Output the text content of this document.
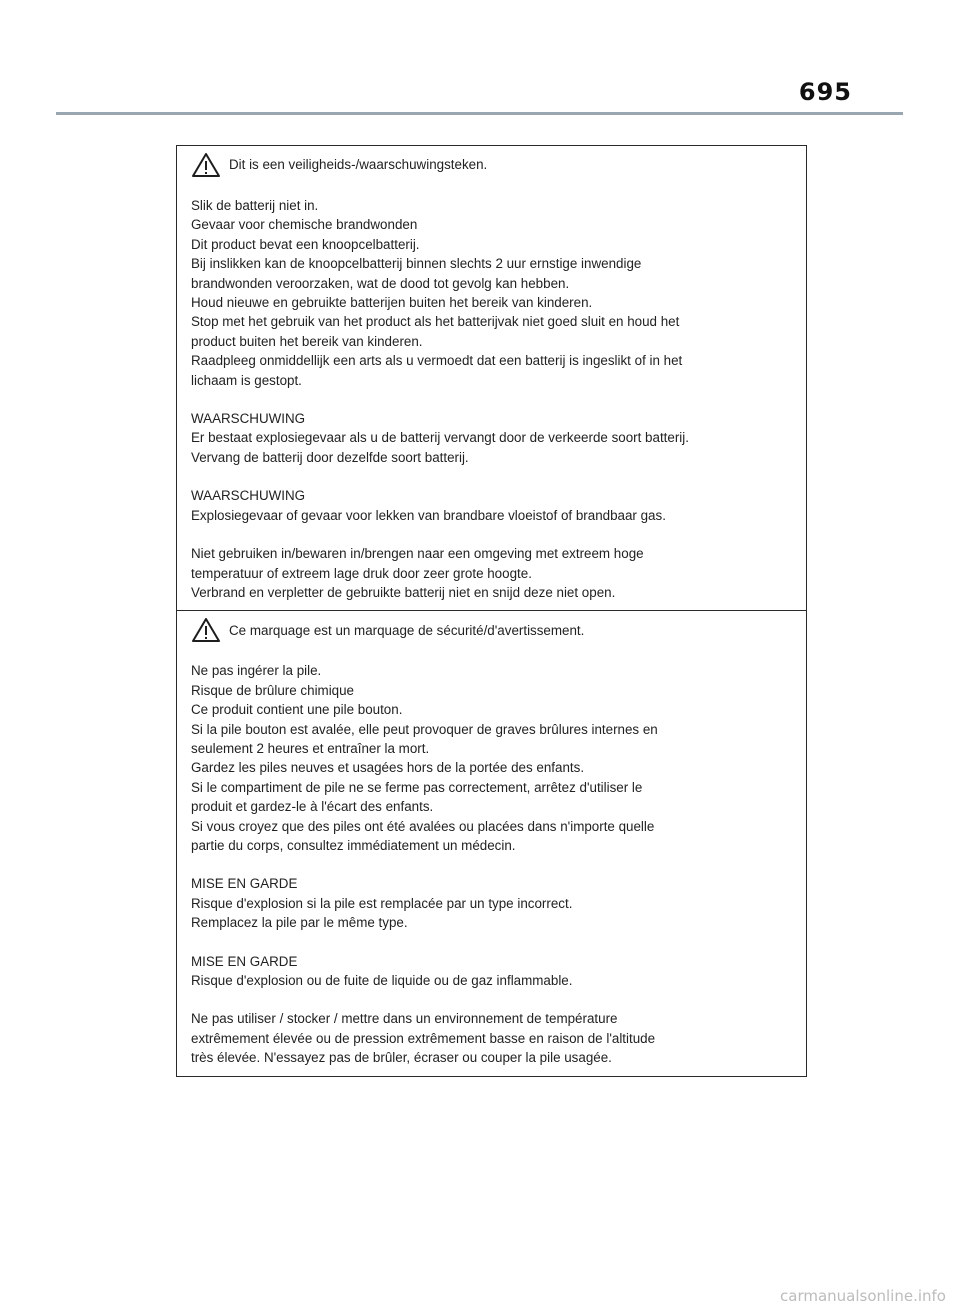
695
Dit is een veiligheids-/waarschuwingsteken.
Slik de batterij niet in.
Gevaar voor chemische brandwonden
Dit product bevat een knoopcelbatterij.
Bij inslikken kan de knoopcelbatterij binnen slechts 2 uur ernstige inwendige
brandwonden veroorzaken, wat de dood tot gevolg kan hebben.
Houd nieuwe en gebruikte batterijen buiten het bereik van kinderen.
Stop met het gebruik van het product als het batterijvak niet goed sluit en houd het
product buiten het bereik van kinderen.
Raadpleeg onmiddellijk een arts als u vermoedt dat een batterij is ingeslikt of in het
lichaam is gestopt.
WAARSCHUWING
Er bestaat explosiegevaar als u de batterij vervangt door de verkeerde soort batterij.
Vervang de batterij door dezelfde soort batterij.
WAARSCHUWING
Explosiegevaar of gevaar voor lekken van brandbare vloeistof of brandbaar gas.
Niet gebruiken in/bewaren in/brengen naar een omgeving met extreem hoge
temperatuur of extreem lage druk door zeer grote hoogte.
Verbrand en verpletter de gebruikte batterij niet en snijd deze niet open.
Ce marquage est un marquage de sécurité/d'avertissement.
Ne pas ingérer la pile.
Risque de brûlure chimique
Ce produit contient une pile bouton.
Si la pile bouton est avalée, elle peut provoquer de graves brûlures internes en
seulement 2 heures et entraîner la mort.
Gardez les piles neuves et usagées hors de la portée des enfants.
Si le compartiment de pile ne se ferme pas correctement, arrêtez d'utiliser le
produit et gardez-le à l'écart des enfants.
Si vous croyez que des piles ont été avalées ou placées dans n'importe quelle
partie du corps, consultez immédiatement un médecin.
MISE EN GARDE
Risque d'explosion si la pile est remplacée par un type incorrect.
Remplacez la pile par le même type.
MISE EN GARDE
Risque d'explosion ou de fuite de liquide ou de gaz inflammable.
Ne pas utiliser / stocker / mettre dans un environnement de température
extrêmement élevée ou de pression extrêmement basse en raison de l'altitude
très élevée. N'essayez pas de brûler, écraser ou couper la pile usagée.
carmanualsonline.info
